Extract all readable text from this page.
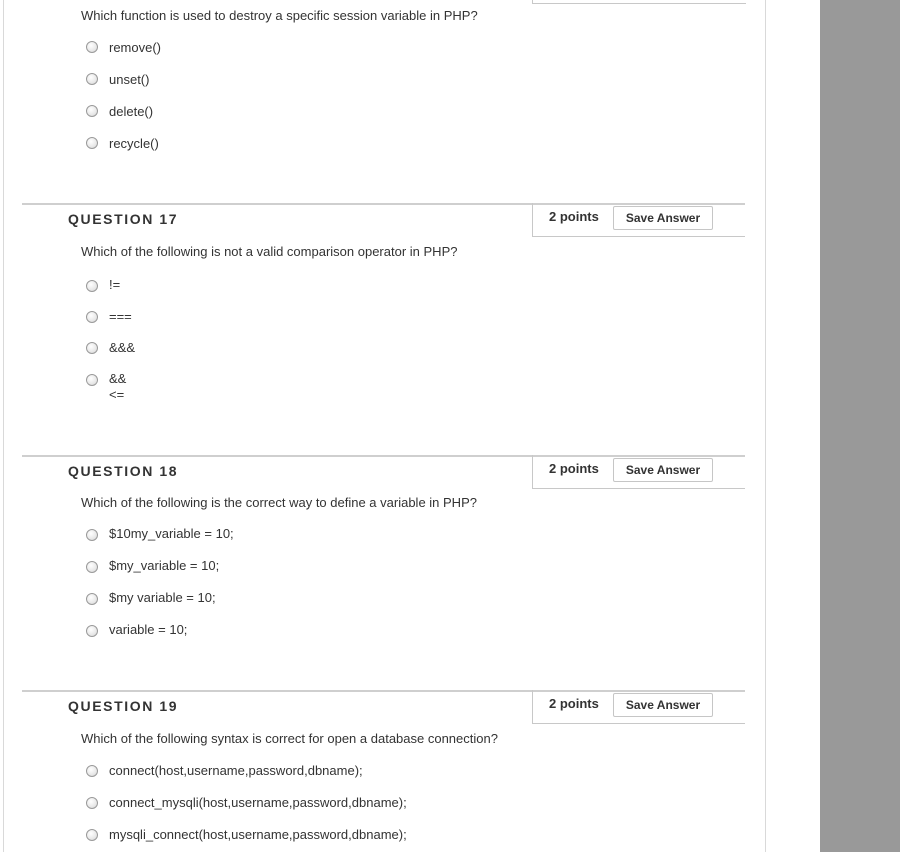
Which function is used to destroy a specific session variable in PHP?
remove()
unset()
delete()
recycle()
QUESTION 17	2 points	Save Answer
Which of the following is not a valid comparison operator in PHP?
!=
===
&&&
&&
<=
QUESTION 18	2 points	Save Answer
Which of the following is the correct way to define a variable in PHP?
$10my_variable = 10;
$my_variable = 10;
$my variable = 10;
variable = 10;
QUESTION 19	2 points	Save Answer
Which of the following syntax is correct for open a database connection?
connect(host,username,password,dbname);
connect_mysqli(host,username,password,dbname);
mysqli_connect(host,username,password,dbname);
